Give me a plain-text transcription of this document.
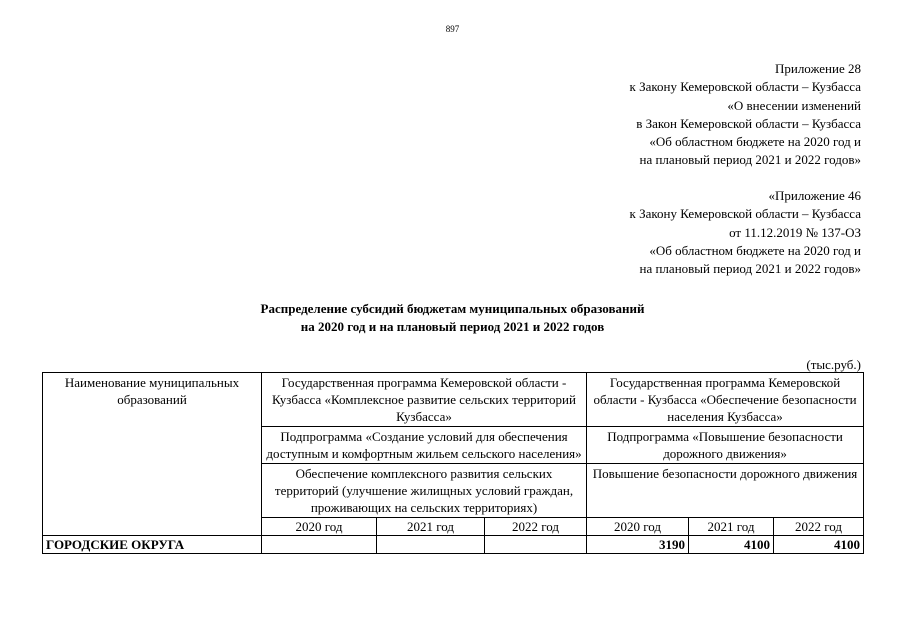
897
Приложение 28
к Закону Кемеровской области – Кузбасса
«О внесении изменений
в Закон Кемеровской области – Кузбасса
«Об областном бюджете на 2020 год и
на плановый период 2021 и 2022 годов»
«Приложение 46
к Закону Кемеровской области – Кузбасса
от 11.12.2019 № 137-ОЗ
«Об областном бюджете на 2020 год и
на плановый период 2021 и 2022 годов»
Распределение субсидий бюджетам муниципальных образований
на 2020 год и на плановый период 2021 и 2022 годов
(тыс.руб.)
Наименование муниципальных образований	Государственная программа Кемеровской области - Кузбасса «Комплексное развитие сельских территорий Кузбасса»			Государственная программа Кемеровской области - Кузбасса «Обеспечение безопасности населения Кузбасса»		
	Подпрограмма «Создание условий для обеспечения доступным и комфортным жильем сельского населения»			Подпрограмма «Повышение безопасности дорожного движения»		
	Обеспечение комплексного развития сельских территорий (улучшение жилищных условий граждан, проживающих на сельских территориях)			Повышение безопасности дорожного движения		
	2020 год	2021 год	2022 год	2020 год	2021 год	2022 год
ГОРОДСКИЕ ОКРУГА				3190	4100	4100
